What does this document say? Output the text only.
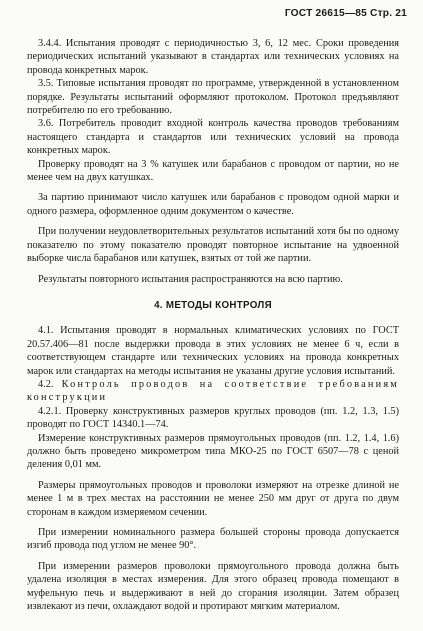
ГОСТ 26615—85 Стр. 21

3.4.4. Испытания проводят с периодичностью 3, 6, 12 мес. Сроки проведения периодических испытаний указывают в стандартах или технических условиях на провода конкретных марок.

3.5. Типовые испытания проводят по программе, утвержденной в установленном порядке. Результаты испытаний оформляют протоколом. Протокол предъявляют потребителю по его требованию.

3.6. Потребитель проводит входной контроль качества проводов требованиям настоящего стандарта и стандартов или технических условий на провода конкретных марок.

Проверку проводят на 3 % катушек или барабанов с проводом от партии, но не менее чем на двух катушках.

За партию принимают число катушек или барабанов с проводом одной марки и одного размера, оформленное одним документом о качестве.

При получении неудовлетворительных результатов испытаний хотя бы по одному показателю по этому показателю проводят повторное испытание на удвоенной выборке числа барабанов или катушек, взятых от той же партии.

Результаты повторного испытания распространяются на всю партию.

4. МЕТОДЫ КОНТРОЛЯ

4.1. Испытания проводят в нормальных климатических условиях по ГОСТ 20.57.406—81 после выдержки провода в этих условиях не менее 6 ч, если в соответствующем стандарте или технических условиях на провода конкретных марок или стандартах на методы испытания не указаны другие условия испытаний.

4.2. Контроль проводов на соответствие требованиям конструкции

4.2.1. Проверку конструктивных размеров круглых проводов (пп. 1.2, 1.3, 1.5) проводят по ГОСТ 14340.1—74.

Измерение конструктивных размеров прямоугольных проводов (пп. 1.2, 1.4, 1.6) должно быть проведено микрометром типа МКО-25 по ГОСТ 6507—78 с ценой деления 0,01 мм.

Размеры прямоугольных проводов и проволоки измеряют на отрезке длиной не менее 1 м в трех местах на расстоянии не менее 250 мм друг от друга по двум сторонам в каждом измеряемом сечении.

При измерении номинального размера большей стороны провода допускается изгиб провода под углом не менее 90°.

При измерении размеров проволоки прямоугольного провода должна быть удалена изоляция в местах измерения. Для этого образец провода помещают в муфельную печь и выдерживают в ней до сгорания изоляции. Затем образец извлекают из печи, охлаждают водой и протирают мягким материалом.
